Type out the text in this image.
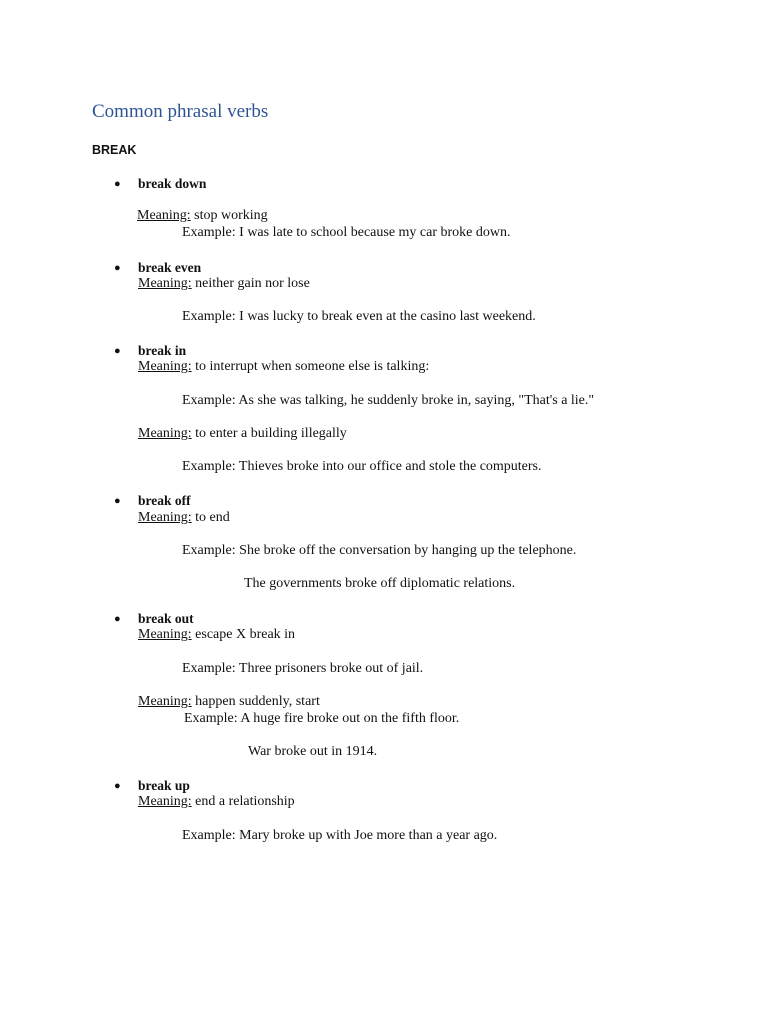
Common phrasal verbs
BREAK
● break down
Meaning: stop working
Example: I was late to school because my car broke down.
● break even
Meaning: neither gain nor lose
Example: I was lucky to break even at the casino last weekend.
● break in
Meaning: to interrupt when someone else is talking:
Example: As she was talking, he suddenly broke in, saying, "That's a lie."
Meaning: to enter a building illegally
Example: Thieves broke into our office and stole the computers.
● break off
Meaning: to end
Example: She broke off the conversation by hanging up the telephone.
The governments broke off diplomatic relations.
● break out
Meaning: escape X break in
Example: Three prisoners broke out of jail.
Meaning: happen suddenly, start
Example: A huge fire broke out on the fifth floor.
War broke out in 1914.
● break up
Meaning: end a relationship
Example: Mary broke up with Joe more than a year ago.
